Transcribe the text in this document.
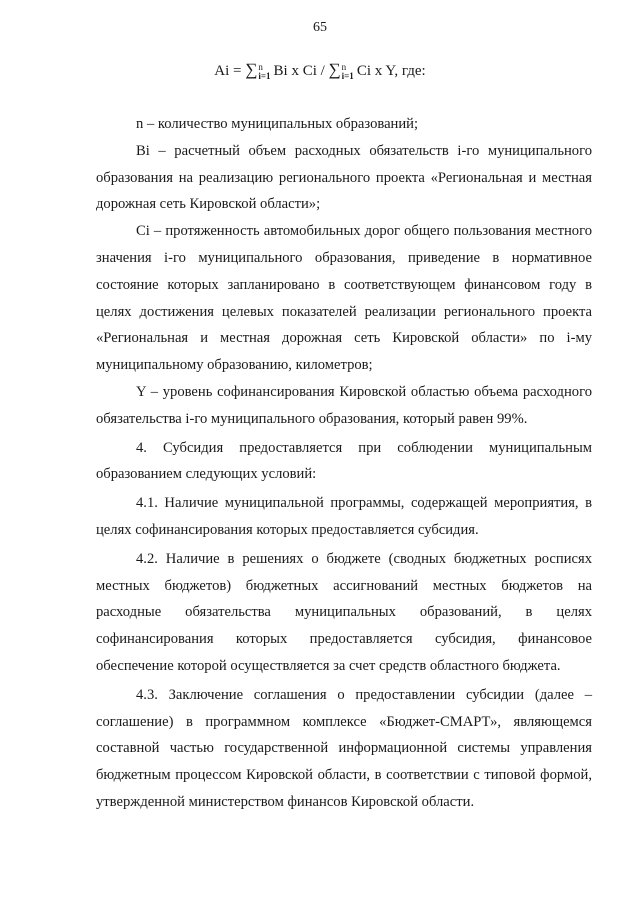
65
Ai = ∑ n
i=1 Bi x Ci / ∑ n
i=1 Ci x Y, где:

n – количество муниципальных образований;

Bi – расчетный объем расходных обязательств i-го муниципального образования на реализацию регионального проекта «Региональная и местная дорожная сеть Кировской области»;

Ci – протяженность автомобильных дорог общего пользования местного значения i-го муниципального образования, приведение в нормативное состояние которых запланировано в соответствующем финансовом году в целях достижения целевых показателей реализации регионального проекта «Региональная и местная дорожная сеть Кировской области» по i-му муниципальному образованию, километров;

Y – уровень софинансирования Кировской областью объема расходного обязательства i-го муниципального образования, который равен 99%.

4. Субсидия предоставляется при соблюдении муниципальным образованием следующих условий:

4.1. Наличие муниципальной программы, содержащей мероприятия, в целях софинансирования которых предоставляется субсидия.

4.2. Наличие в решениях о бюджете (сводных бюджетных росписях местных бюджетов) бюджетных ассигнований местных бюджетов на расходные обязательства муниципальных образований, в целях софинансирования которых предоставляется субсидия, финансовое обеспечение которой осуществляется за счет средств областного бюджета.

4.3. Заключение соглашения о предоставлении субсидии (далее – соглашение) в программном комплексе «Бюджет-СМАРТ», являющемся составной частью государственной информационной системы управления бюджетным процессом Кировской области, в соответствии с типовой формой, утвержденной министерством финансов Кировской области.
